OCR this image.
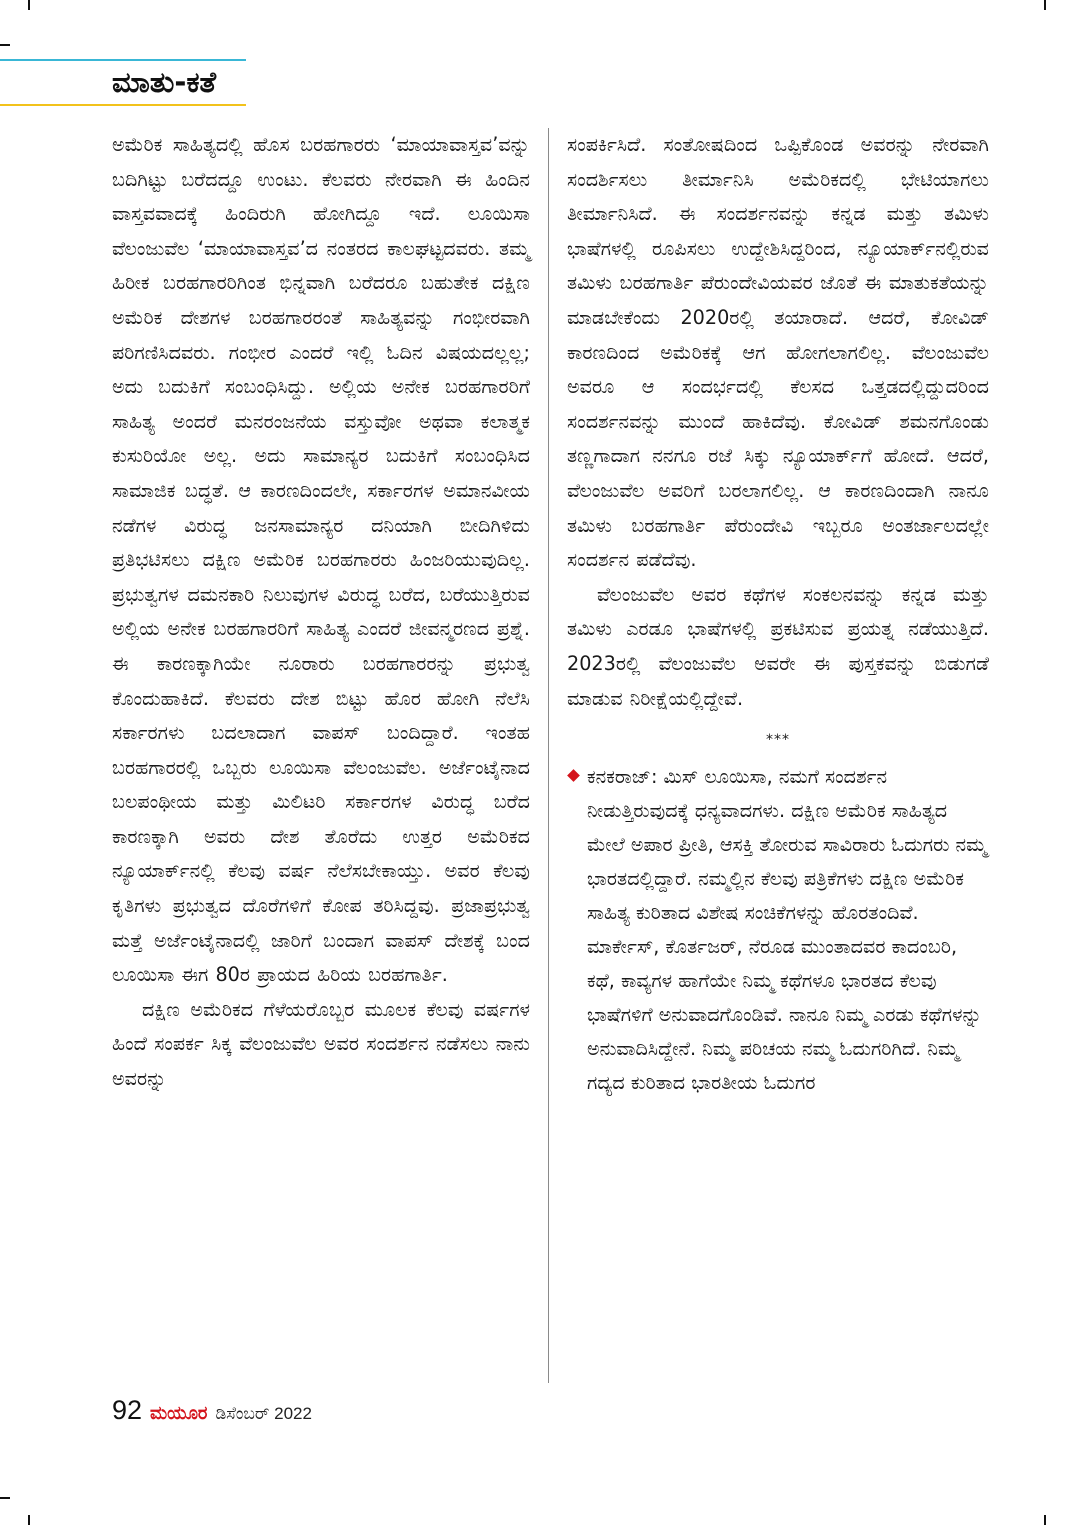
ಮಾತು-ಕತೆ

ಅಮೆರಿಕ ಸಾಹಿತ್ಯದಲ್ಲಿ ಹೊಸ ಬರಹಗಾರರು ‘ಮಾಯಾವಾಸ್ತವ’ವನ್ನು ಬದಿಗಿಟ್ಟು ಬರೆದದ್ದೂ ಉಂಟು. ಕೆಲವರು ನೇರವಾಗಿ ಈ ಹಿಂದಿನ ವಾಸ್ತವವಾದಕ್ಕೆ ಹಿಂದಿರುಗಿ ಹೋಗಿದ್ದೂ ಇದೆ. ಲೂಯಿಸಾ ವೆಲಂಜುವೆಲ ‘ಮಾಯಾವಾಸ್ತವ’ದ ನಂತರದ ಕಾಲಘಟ್ಟದವರು. ತಮ್ಮ ಹಿರೀಕ ಬರಹಗಾರರಿಗಿಂತ ಭಿನ್ನವಾಗಿ ಬರೆದರೂ ಬಹುತೇಕ ದಕ್ಷಿಣ ಅಮೆರಿಕ ದೇಶಗಳ ಬರಹಗಾರರಂತೆ ಸಾಹಿತ್ಯವನ್ನು ಗಂಭೀರವಾಗಿ ಪರಿಗಣಿಸಿದವರು. ಗಂಭೀರ ಎಂದರೆ ಇಲ್ಲಿ ಓದಿನ ವಿಷಯದಲ್ಲಲ್ಲ; ಅದು ಬದುಕಿಗೆ ಸಂಬಂಧಿಸಿದ್ದು. ಅಲ್ಲಿಯ ಅನೇಕ ಬರಹಗಾರರಿಗೆ ಸಾಹಿತ್ಯ ಅಂದರೆ ಮನರಂಜನೆಯ ವಸ್ತುವೋ ಅಥವಾ ಕಲಾತ್ಮಕ ಕುಸುರಿಯೋ ಅಲ್ಲ. ಅದು ಸಾಮಾನ್ಯರ ಬದುಕಿಗೆ ಸಂಬಂಧಿಸಿದ ಸಾಮಾಜಿಕ ಬದ್ಧತೆ. ಆ ಕಾರಣದಿಂದಲೇ, ಸರ್ಕಾರಗಳ ಅಮಾನವೀಯ ನಡೆಗಳ ವಿರುದ್ಧ ಜನಸಾಮಾನ್ಯರ ದನಿಯಾಗಿ ಬೀದಿಗಿಳಿದು ಪ್ರತಿಭಟಿಸಲು ದಕ್ಷಿಣ ಅಮೆರಿಕ ಬರಹಗಾರರು ಹಿಂಜರಿಯುವುದಿಲ್ಲ. ಪ್ರಭುತ್ವಗಳ ದಮನಕಾರಿ ನಿಲುವುಗಳ ವಿರುದ್ಧ ಬರೆದ, ಬರೆಯುತ್ತಿರುವ ಅಲ್ಲಿಯ ಅನೇಕ ಬರಹಗಾರರಿಗೆ ಸಾಹಿತ್ಯ ಎಂದರೆ ಜೀವನ್ಮರಣದ ಪ್ರಶ್ನೆ. ಈ ಕಾರಣಕ್ಕಾಗಿಯೇ ನೂರಾರು ಬರಹಗಾರರನ್ನು ಪ್ರಭುತ್ವ ಕೊಂದುಹಾಕಿದೆ. ಕೆಲವರು ದೇಶ ಬಿಟ್ಟು ಹೊರ ಹೋಗಿ ನೆಲೆಸಿ ಸರ್ಕಾರಗಳು ಬದಲಾದಾಗ ವಾಪಸ್ ಬಂದಿದ್ದಾರೆ. ಇಂತಹ ಬರಹಗಾರರಲ್ಲಿ ಒಬ್ಬರು ಲೂಯಿಸಾ ವೆಲಂಜುವೆಲ. ಅರ್ಜೆಂಟೈನಾದ ಬಲಪಂಥೀಯ ಮತ್ತು ಮಿಲಿಟರಿ ಸರ್ಕಾರಗಳ ವಿರುದ್ಧ ಬರೆದ ಕಾರಣಕ್ಕಾಗಿ ಅವರು ದೇಶ ತೊರೆದು ಉತ್ತರ ಅಮೆರಿಕದ ನ್ಯೂಯಾರ್ಕ್‌ನಲ್ಲಿ ಕೆಲವು ವರ್ಷ ನೆಲೆಸಬೇಕಾಯ್ತು. ಅವರ ಕೆಲವು ಕೃತಿಗಳು ಪ್ರಭುತ್ವದ ದೊರೆಗಳಿಗೆ ಕೋಪ ತರಿಸಿದ್ದವು. ಪ್ರಜಾಪ್ರಭುತ್ವ ಮತ್ತೆ ಅರ್ಜೆಂಟೈನಾದಲ್ಲಿ ಜಾರಿಗೆ ಬಂದಾಗ ವಾಪಸ್ ದೇಶಕ್ಕೆ ಬಂದ ಲೂಯಿಸಾ ಈಗ 80ರ ಪ್ರಾಯದ ಹಿರಿಯ ಬರಹಗಾರ್ತಿ.

ದಕ್ಷಿಣ ಅಮೆರಿಕದ ಗೆಳೆಯರೊಬ್ಬರ ಮೂಲಕ ಕೆಲವು ವರ್ಷಗಳ ಹಿಂದೆ ಸಂಪರ್ಕ ಸಿಕ್ಕ ವೆಲಂಜುವೆಲ ಅವರ ಸಂದರ್ಶನ ನಡೆಸಲು ನಾನು ಅವರನ್ನು

ಸಂಪರ್ಕಿಸಿದೆ. ಸಂತೋಷದಿಂದ ಒಪ್ಪಿಕೊಂಡ ಅವರನ್ನು ನೇರವಾಗಿ ಸಂದರ್ಶಿಸಲು ತೀರ್ಮಾನಿಸಿ ಅಮೆರಿಕದಲ್ಲಿ ಭೇಟಿಯಾಗಲು ತೀರ್ಮಾನಿಸಿದೆ. ಈ ಸಂದರ್ಶನವನ್ನು ಕನ್ನಡ ಮತ್ತು ತಮಿಳು ಭಾಷೆಗಳಲ್ಲಿ ರೂಪಿಸಲು ಉದ್ದೇಶಿಸಿದ್ದರಿಂದ, ನ್ಯೂಯಾರ್ಕ್‌ನಲ್ಲಿರುವ ತಮಿಳು ಬರಹಗಾರ್ತಿ ಪೆರುಂದೇವಿಯವರ ಜೊತೆ ಈ ಮಾತುಕತೆಯನ್ನು ಮಾಡಬೇಕೆಂದು 2020ರಲ್ಲಿ ತಯಾರಾದೆ. ಆದರೆ, ಕೋವಿಡ್ ಕಾರಣದಿಂದ ಅಮೆರಿಕಕ್ಕೆ ಆಗ ಹೋಗಲಾಗಲಿಲ್ಲ. ವೆಲಂಜುವೆಲ ಅವರೂ ಆ ಸಂದರ್ಭದಲ್ಲಿ ಕೆಲಸದ ಒತ್ತಡದಲ್ಲಿದ್ದುದರಿಂದ ಸಂದರ್ಶನವನ್ನು ಮುಂದೆ ಹಾಕಿದೆವು. ಕೋವಿಡ್ ಶಮನಗೊಂಡು ತಣ್ಣಗಾದಾಗ ನನಗೂ ರಜೆ ಸಿಕ್ಕು ನ್ಯೂಯಾರ್ಕ್‌ಗೆ ಹೋದೆ. ಆದರೆ, ವೆಲಂಜುವೆಲ ಅವರಿಗೆ ಬರಲಾಗಲಿಲ್ಲ. ಆ ಕಾರಣದಿಂದಾಗಿ ನಾನೂ ತಮಿಳು ಬರಹಗಾರ್ತಿ ಪೆರುಂದೇವಿ ಇಬ್ಬರೂ ಅಂತರ್ಜಾಲದಲ್ಲೇ ಸಂದರ್ಶನ ಪಡೆದೆವು.

ವೆಲಂಜುವೆಲ ಅವರ ಕಥೆಗಳ ಸಂಕಲನವನ್ನು ಕನ್ನಡ ಮತ್ತು ತಮಿಳು ಎರಡೂ ಭಾಷೆಗಳಲ್ಲಿ ಪ್ರಕಟಿಸುವ ಪ್ರಯತ್ನ ನಡೆಯುತ್ತಿದೆ. 2023ರಲ್ಲಿ ವೆಲಂಜುವೆಲ ಅವರೇ ಈ ಪುಸ್ತಕವನ್ನು ಬಿಡುಗಡೆ ಮಾಡುವ ನಿರೀಕ್ಷೆಯಲ್ಲಿದ್ದೇವೆ.

***
ಕನಕರಾಜ್: ಮಿಸ್ ಲೂಯಿಸಾ, ನಮಗೆ ಸಂದರ್ಶನ ನೀಡುತ್ತಿರುವುದಕ್ಕೆ ಧನ್ಯವಾದಗಳು. ದಕ್ಷಿಣ ಅಮೆರಿಕ ಸಾಹಿತ್ಯದ ಮೇಲೆ ಅಪಾರ ಪ್ರೀತಿ, ಆಸಕ್ತಿ ತೋರುವ ಸಾವಿರಾರು ಓದುಗರು ನಮ್ಮ ಭಾರತದಲ್ಲಿದ್ದಾರೆ. ನಮ್ಮಲ್ಲಿನ ಕೆಲವು ಪತ್ರಿಕೆಗಳು ದಕ್ಷಿಣ ಅಮೆರಿಕ ಸಾಹಿತ್ಯ ಕುರಿತಾದ ವಿಶೇಷ ಸಂಚಿಕೆಗಳನ್ನು ಹೊರತಂದಿವೆ. ಮಾರ್ಕೇಸ್, ಕೊರ್ತಜರ್, ನೆರೂಡ ಮುಂತಾದವರ ಕಾದಂಬರಿ, ಕಥೆ, ಕಾವ್ಯಗಳ ಹಾಗೆಯೇ ನಿಮ್ಮ ಕಥೆಗಳೂ ಭಾರತದ ಕೆಲವು ಭಾಷೆಗಳಿಗೆ ಅನುವಾದಗೊಂಡಿವೆ. ನಾನೂ ನಿಮ್ಮ ಎರಡು ಕಥೆಗಳನ್ನು ಅನುವಾದಿಸಿದ್ದೇನೆ. ನಿಮ್ಮ ಪರಿಚಯ ನಮ್ಮ ಓದುಗರಿಗಿದೆ. ನಿಮ್ಮ ಗದ್ಯದ ಕುರಿತಾದ ಭಾರತೀಯ ಓದುಗರ
92 ಮಯೂರ ಡಿಸೆಂಬರ್ 2022
